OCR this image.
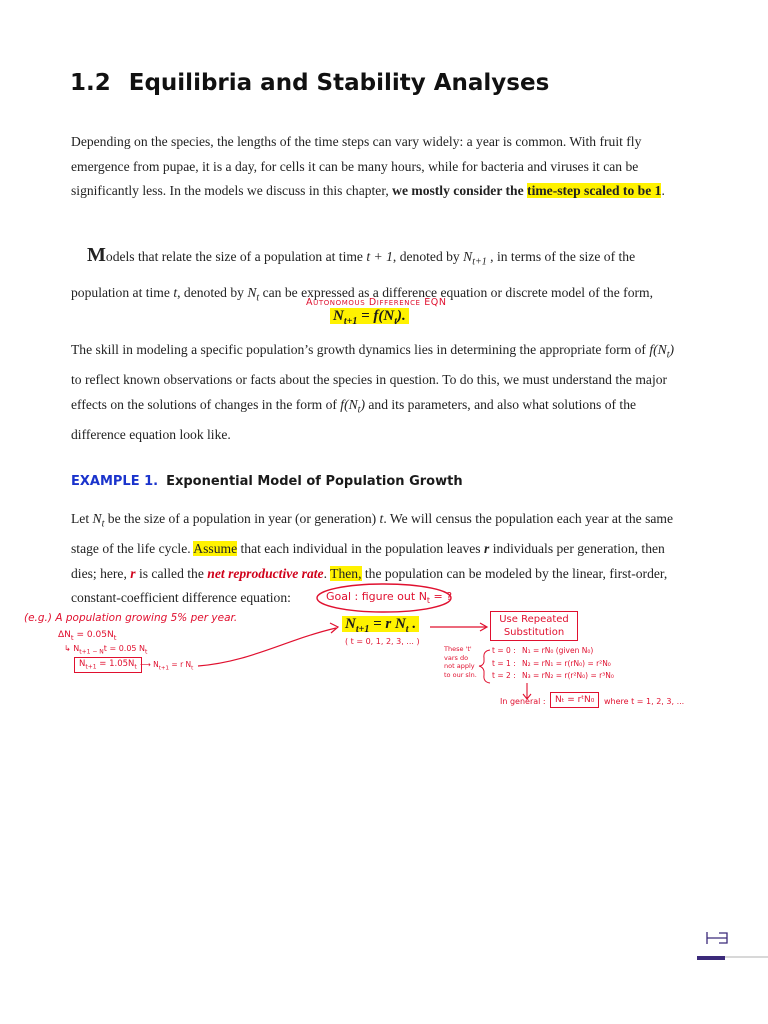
1.2 Equilibria and Stability Analyses
Depending on the species, the lengths of the time steps can vary widely: a year is common. With fruit fly
emergence from pupae, it is a day, for cells it can be many hours, while for bacteria and viruses it can be
significantly less. In the models we discuss in this chapter, we mostly consider the time-step scaled to be 1.
Models that relate the size of a population at time t + 1, denoted by $N_{t+1}$ , in terms of the size of the
population at time t, denoted by $N_t$ can be expressed as a difference equation or discrete model of the form,
Autonomous Difference EQN
$N_{t+1} = f(N_t)$.
The skill in modeling a specific population’s growth dynamics lies in determining the appropriate form of $f(N_t)$
to reflect known observations or facts about the species in question. To do this, we must understand the major
effects on the solutions of changes in the form of $f(N_t)$ and its parameters, and also what solutions of the
difference equation look like.
EXAMPLE 1. Exponential Model of Population Growth
Let $N_t$ be the size of a population in year (or generation) t. We will census the population each year at the same
stage of the life cycle. Assume that each individual in the population leaves r individuals per generation, then
dies; here, r is called the net reproductive rate. Then, the population can be modeled by the linear, first-order,
constant-coefficient difference equation:	Goal : figure out $N_t$ = ?
$N_{t+1} = r$ $N_t$ .
( t = 0, 1, 2, 3, ... )
(e.g.) A population growing 5% per year.
$\Delta N_t = 0.05N_t$
↳ $N_{t+1 - N}t = 0.05$ $N_t$
$N_{t+1} = 1.05N_t$ ⟶ $N_{t+1} = r$ $N_t$
Use Repeated
Substitution
These 't'
vars do
not apply
to our sln.
t = 0 : N₁ = rN₀ (given N₀)
t = 1 : N₂ = rN₁ = r(rN₀) = r²N₀
t = 2 : N₃ = rN₂ = r(r²N₀) = r³N₀
In general :	Nₜ = rᵗN₀	where t = 1, 2, 3, ...
